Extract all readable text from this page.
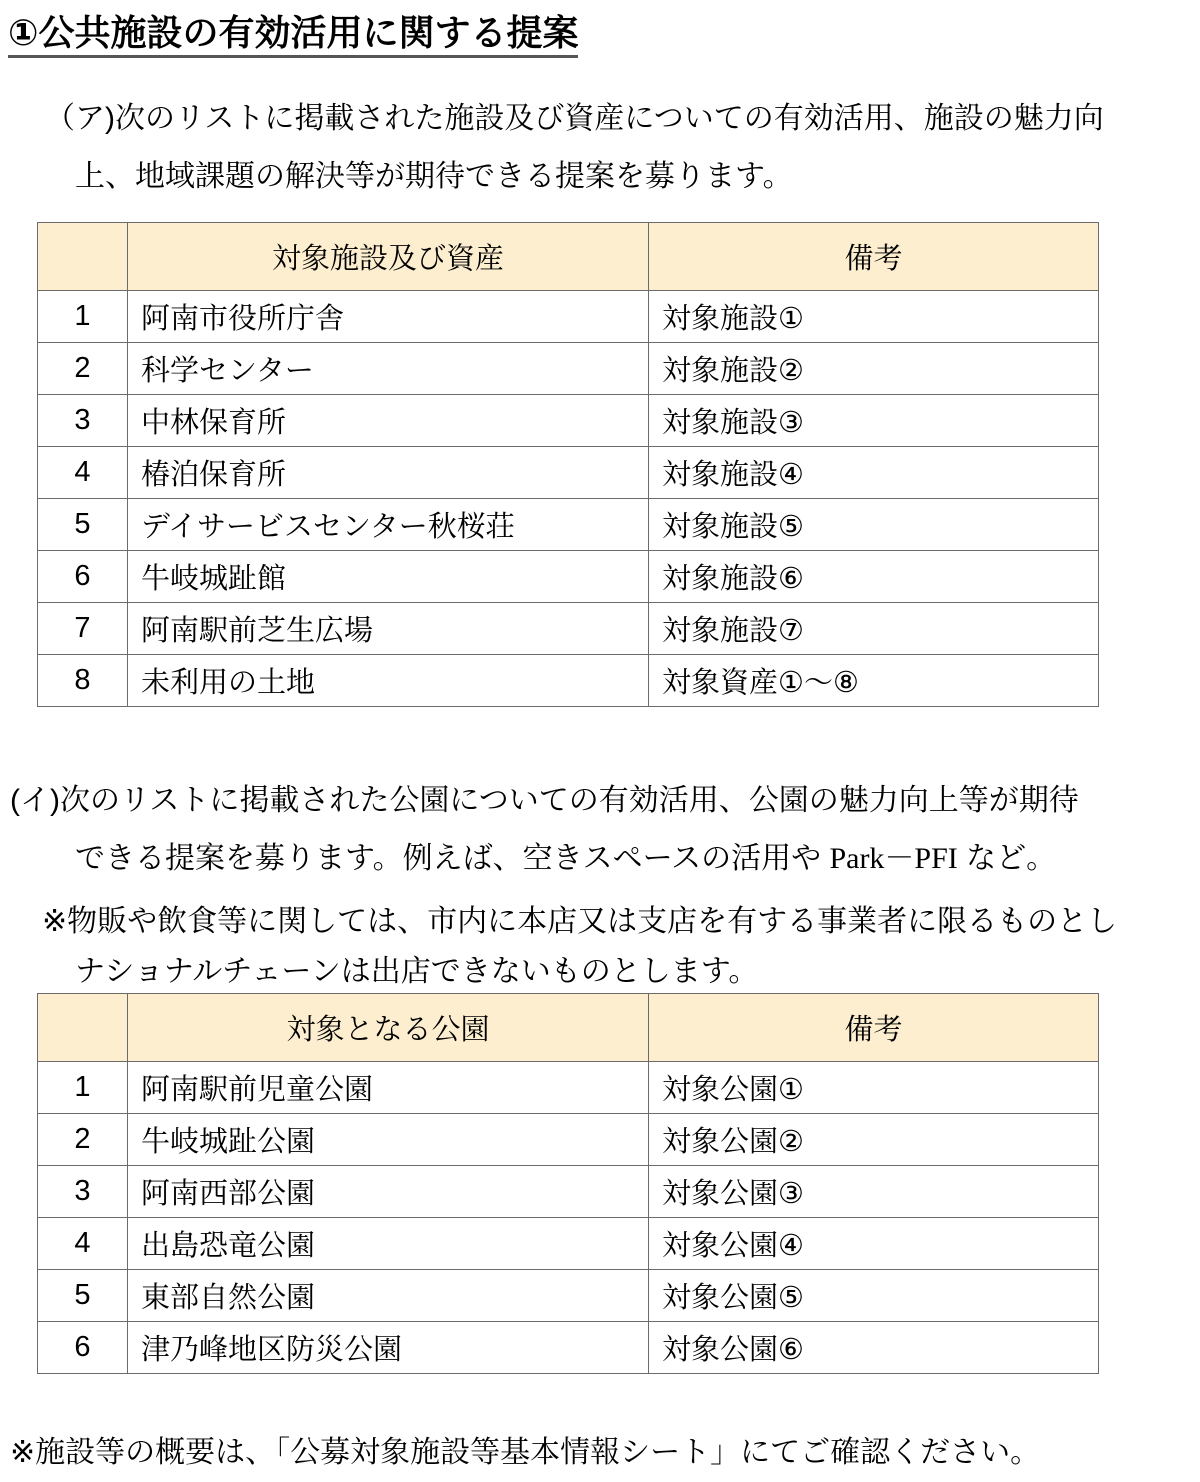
①公共施設の有効活用に関する提案
（ア)次のリストに掲載された施設及び資産についての有効活用、施設の魅力向
上、地域課題の解決等が期待できる提案を募ります。
	対象施設及び資産	備考
1	阿南市役所庁舎	対象施設①
2	科学センター	対象施設②
3	中林保育所	対象施設③
4	椿泊保育所	対象施設④
5	デイサービスセンター秋桜荘	対象施設⑤
6	牛岐城趾館	対象施設⑥
7	阿南駅前芝生広場	対象施設⑦
8	未利用の土地	対象資産①～⑧
(イ)次のリストに掲載された公園についての有効活用、公園の魅力向上等が期待
できる提案を募ります。例えば、空きスペースの活用や Park－PFI など。
※物販や飲食等に関しては、市内に本店又は支店を有する事業者に限るものとし
ナショナルチェーンは出店できないものとします。
	対象となる公園	備考
1	阿南駅前児童公園	対象公園①
2	牛岐城趾公園	対象公園②
3	阿南西部公園	対象公園③
4	出島恐竜公園	対象公園④
5	東部自然公園	対象公園⑤
6	津乃峰地区防災公園	対象公園⑥
※施設等の概要は、「公募対象施設等基本情報シート」にてご確認ください。
